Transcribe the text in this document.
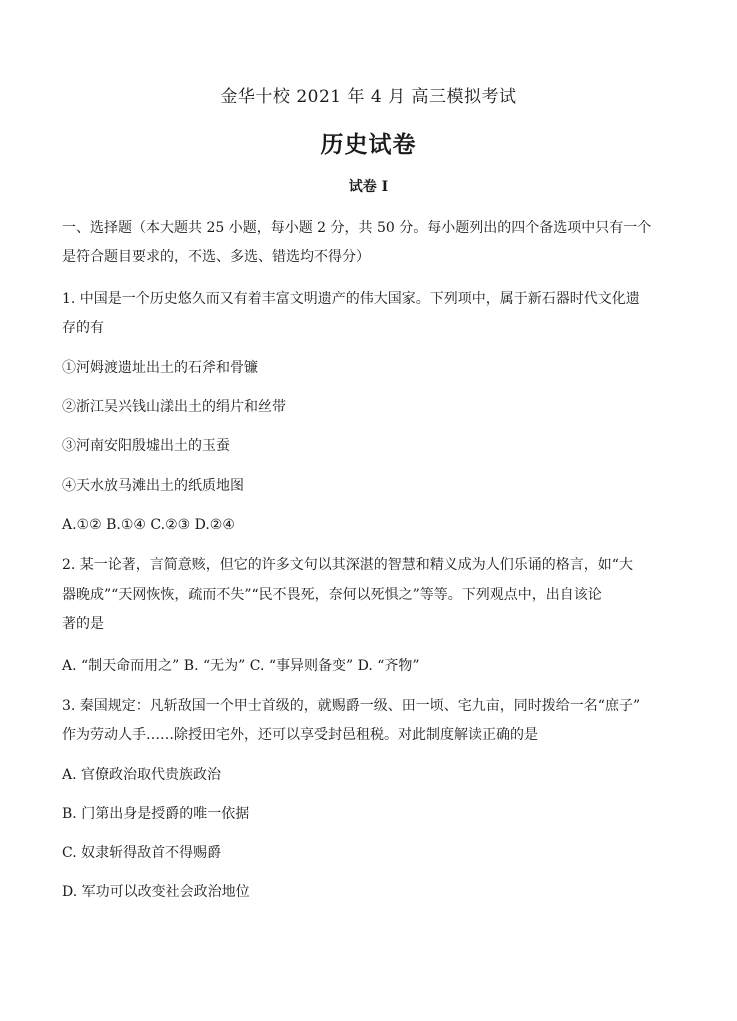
金华十校 2021 年 4 月 高三模拟考试
历史试卷
试卷 I
一、选择题（本大题共 25 小题，每小题 2 分，共 50 分。每小题列出的四个备选项中只有一个
是符合题目要求的，不选、多选、错选均不得分）
1. 中国是一个历史悠久而又有着丰富文明遗产的伟大国家。下列项中，属于新石器时代文化遗
存的有
①河姆渡遗址出土的石斧和骨镰
②浙江吴兴钱山漾出土的绢片和丝带
③河南安阳殷墟出土的玉蚕
④天水放马滩出土的纸质地图
A.①② B.①④ C.②③ D.②④
2. 某一论著，言简意赅，但它的许多文句以其深湛的智慧和精义成为人们乐诵的格言，如“大
器晚成”“天网恢恢，疏而不失”“民不畏死，奈何以死惧之”等等。下列观点中，出自该论
著的是
A. “制天命而用之” B. “无为” C. “事异则备变” D. “齐物”
3. 秦国规定：凡斩敌国一个甲士首级的，就赐爵一级、田一顷、宅九亩，同时拨给一名“庶子”
作为劳动人手……除授田宅外，还可以享受封邑租税。对此制度解读正确的是
A. 官僚政治取代贵族政治
B. 门第出身是授爵的唯一依据
C. 奴隶斩得敌首不得赐爵
D. 军功可以改变社会政治地位
